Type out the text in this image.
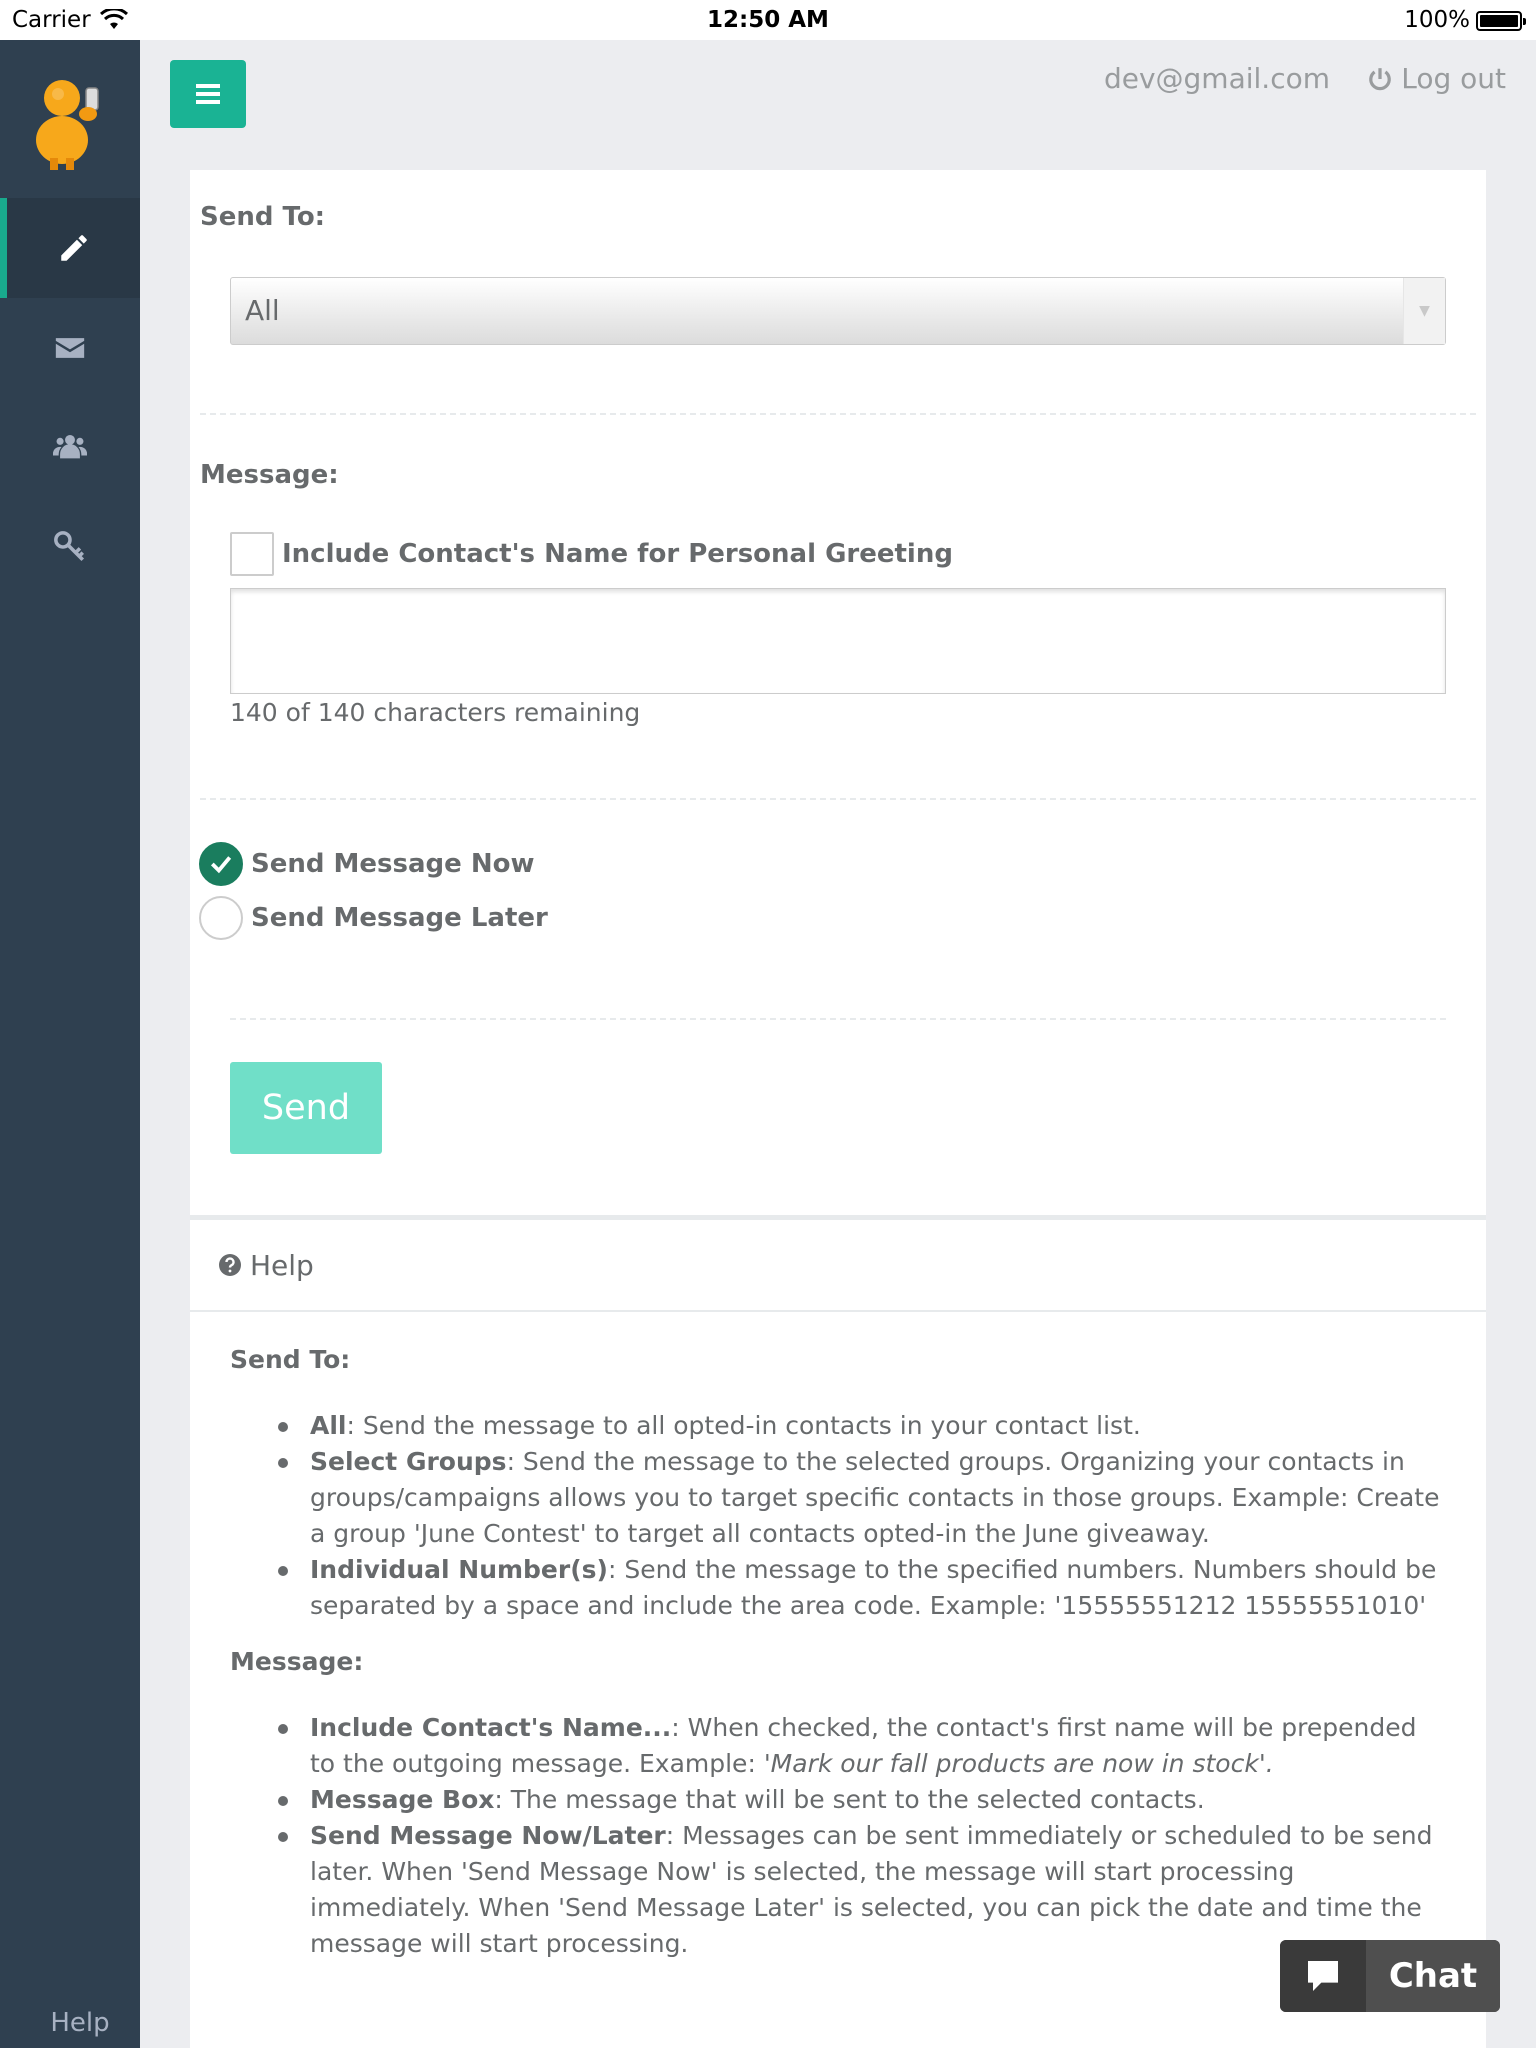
Carrier	12:50 AM	100%
Help
dev@gmail.com	Log out
Send To:
All	▼
Message:
Include Contact's Name for Personal Greeting
140 of 140 characters remaining
Send Message Now
Send Message Later
Send
Help
Send To:
All: Send the message to all opted-in contacts in your contact list.
Select Groups: Send the message to the selected groups. Organizing your contacts in groups/campaigns allows you to target specific contacts in those groups. Example: Create a group 'June Contest' to target all contacts opted-in the June giveaway.
Individual Number(s): Send the message to the specified numbers. Numbers should be separated by a space and include the area code. Example: '15555551212 15555551010'
Message:
Include Contact's Name...: When checked, the contact's first name will be prepended to the outgoing message. Example: 'Mark our fall products are now in stock'.
Message Box: The message that will be sent to the selected contacts.
Send Message Now/Later: Messages can be sent immediately or scheduled to be send later. When 'Send Message Now' is selected, the message will start processing immediately. When 'Send Message Later' is selected, you can pick the date and time the message will start processing.
Chat
